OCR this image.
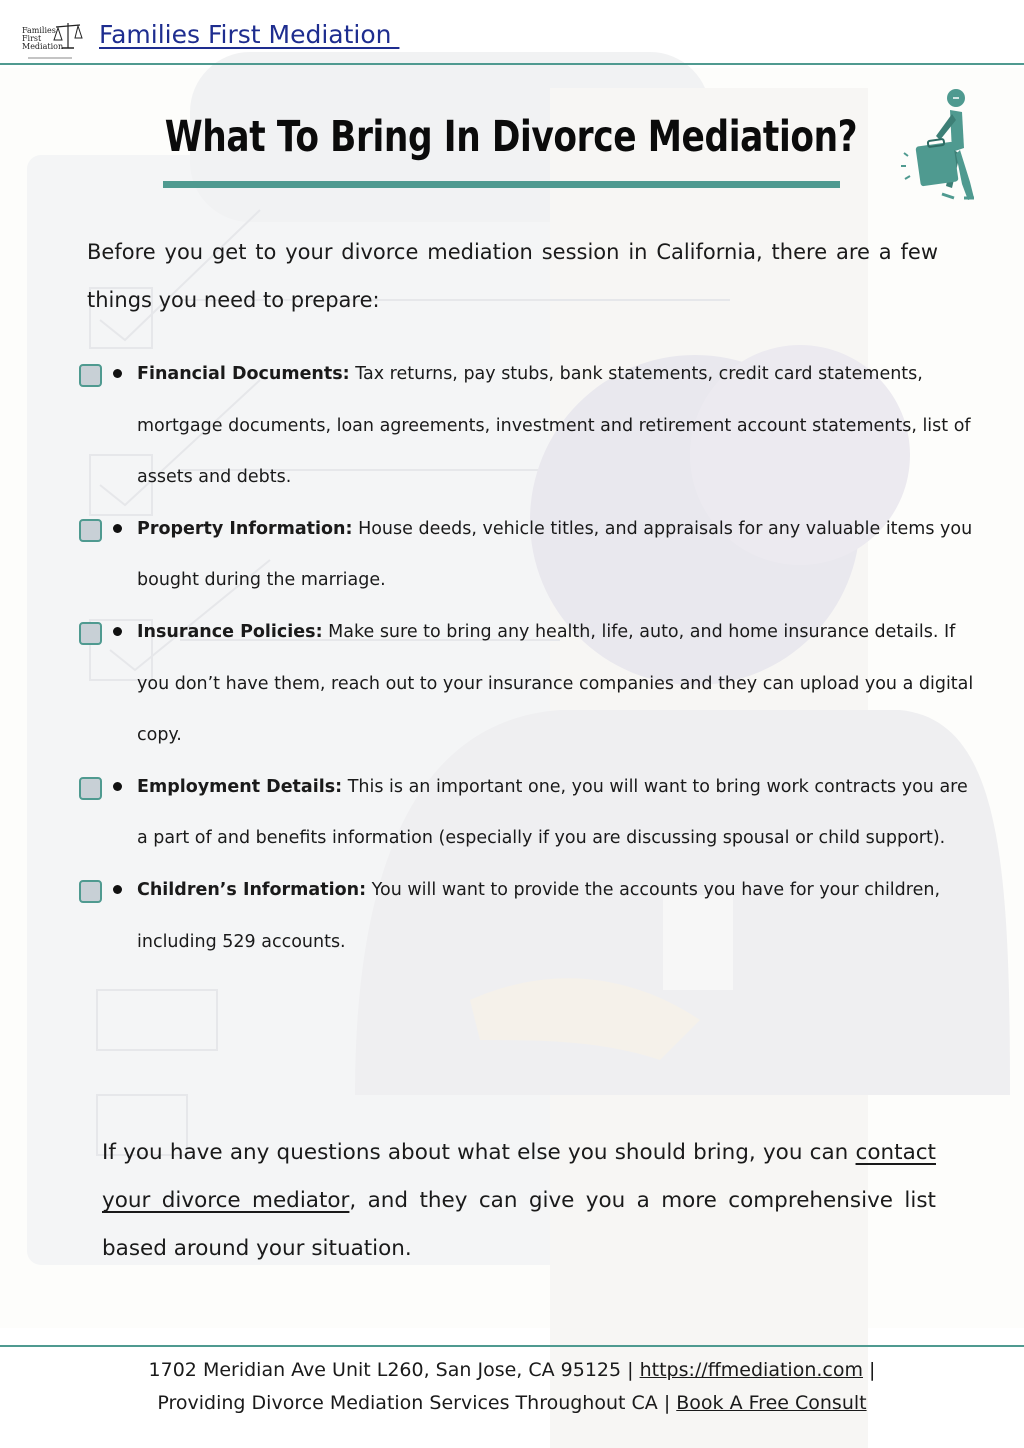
Families
First
Mediation Families First Mediation
What To Bring In Divorce Mediation?
Before you get to your divorce mediation session in California, there are a few things you need to prepare:
Financial Documents: Tax returns, pay stubs, bank statements, credit card statements, mortgage documents, loan agreements, investment and retirement account statements, list of assets and debts.
Property Information: House deeds, vehicle titles, and appraisals for any valuable items you bought during the marriage.
Insurance Policies: Make sure to bring any health, life, auto, and home insurance details. If you don’t have them, reach out to your insurance companies and they can upload you a digital copy.
Employment Details: This is an important one, you will want to bring work contracts you are a part of and benefits information (especially if you are discussing spousal or child support).
Children’s Information: You will want to provide the accounts you have for your children, including 529 accounts.
If you have any questions about what else you should bring, you can contact your divorce mediator, and they can give you a more comprehensive list based around your situation.
1702 Meridian Ave Unit L260, San Jose, CA 95125 | https://ffmediation.com |
Providing Divorce Mediation Services Throughout CA | Book A Free Consult
